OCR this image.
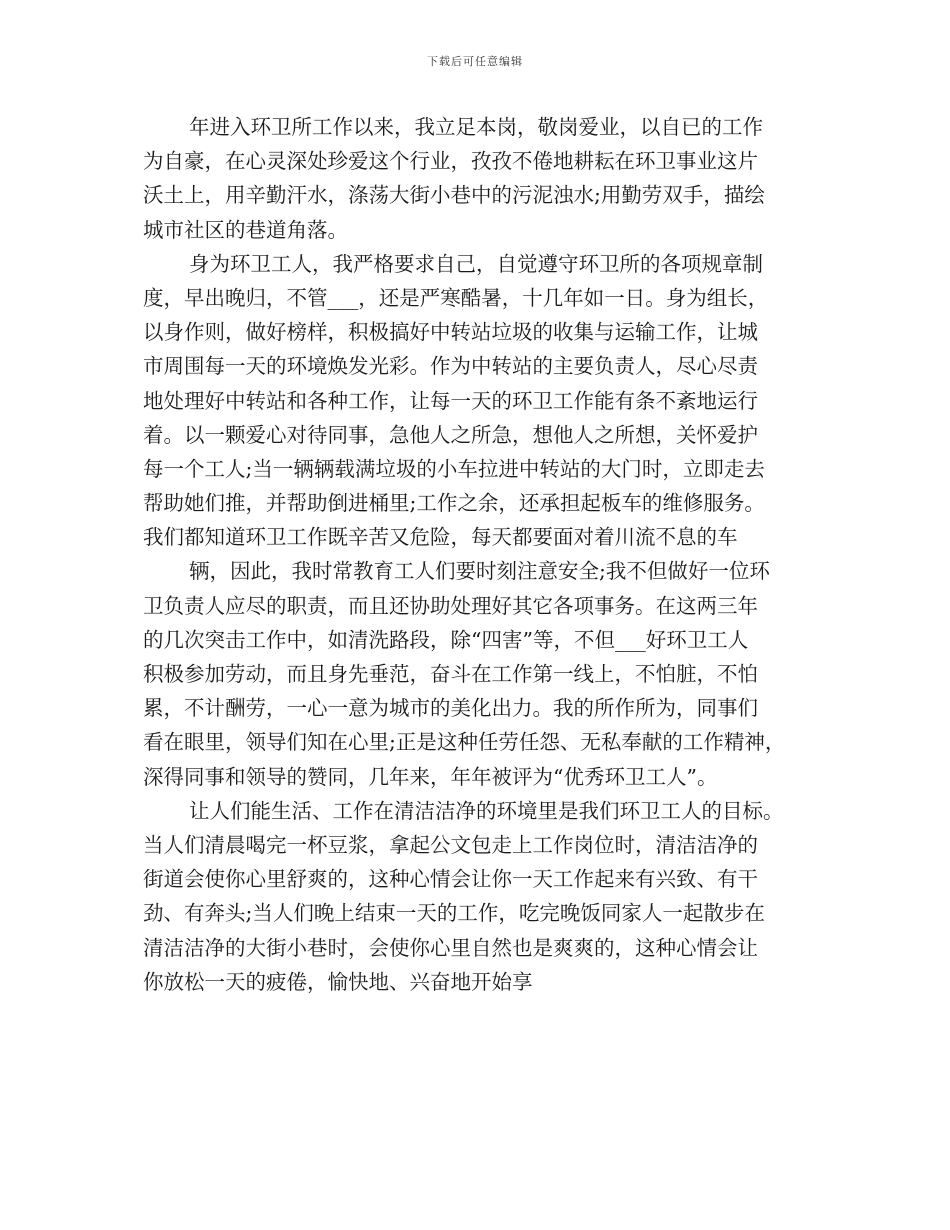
下载后可任意编辑
年进入环卫所工作以来，我立足本岗，敬岗爱业，以自已的工作
为自豪，在心灵深处珍爱这个行业，孜孜不倦地耕耘在环卫事业这片
沃土上，用辛勤汗水，涤荡大街小巷中的污泥浊水;用勤劳双手，描绘
城市社区的巷道角落。
身为环卫工人，我严格要求自己，自觉遵守环卫所的各项规章制
度，早出晚归，不管___，还是严寒酷暑，十几年如一日。身为组长，
以身作则，做好榜样，积极搞好中转站垃圾的收集与运输工作，让城
市周围每一天的环境焕发光彩。作为中转站的主要负责人，尽心尽责
地处理好中转站和各种工作，让每一天的环卫工作能有条不紊地运行
着。以一颗爱心对待同事，急他人之所急，想他人之所想，关怀爱护
每一个工人;当一辆辆载满垃圾的小车拉进中转站的大门时，立即走去
帮助她们推，并帮助倒进桶里;工作之余，还承担起板车的维修服务。
我们都知道环卫工作既辛苦又危险，每天都要面对着川流不息的车
辆，因此，我时常教育工人们要时刻注意安全;我不但做好一位环
卫负责人应尽的职责，而且还协助处理好其它各项事务。在这两三年
的几次突击工作中，如清洗路段，除“四害”等，不但___好环卫工人
积极参加劳动，而且身先垂范，奋斗在工作第一线上，不怕脏，不怕
累，不计酬劳，一心一意为城市的美化出力。我的所作所为，同事们
看在眼里，领导们知在心里;正是这种任劳任怨、无私奉献的工作精神，
深得同事和领导的赞同，几年来，年年被评为“优秀环卫工人”。
让人们能生活、工作在清洁洁净的环境里是我们环卫工人的目标。
当人们清晨喝完一杯豆浆，拿起公文包走上工作岗位时，清洁洁净的
街道会使你心里舒爽的，这种心情会让你一天工作起来有兴致、有干
劲、有奔头;当人们晚上结束一天的工作，吃完晚饭同家人一起散步在
清洁洁净的大街小巷时，会使你心里自然也是爽爽的，这种心情会让
你放松一天的疲倦，愉快地、兴奋地开始享
